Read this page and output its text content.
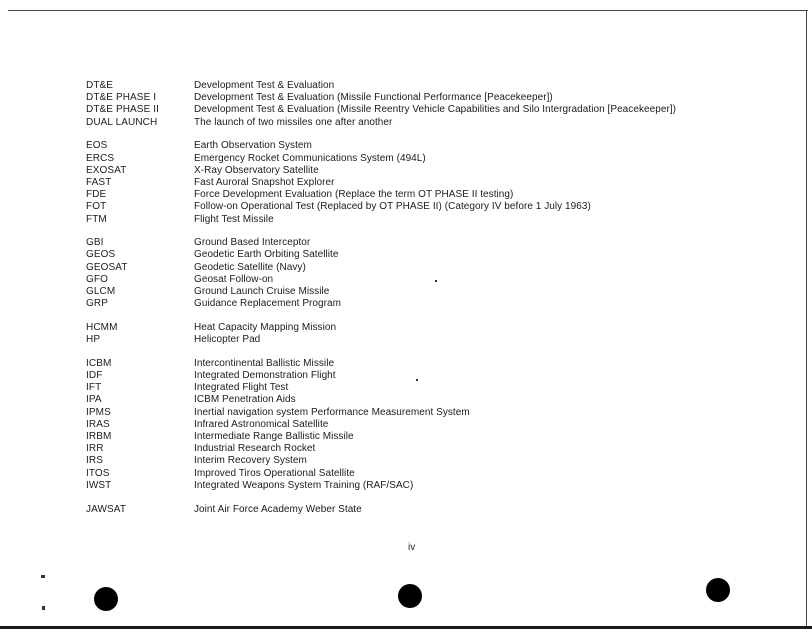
DT&E	Development Test & Evaluation
DT&E PHASE I	Development Test & Evaluation (Missile Functional Performance [Peacekeeper])
DT&E PHASE II	Development Test & Evaluation (Missile Reentry Vehicle Capabilities and Silo Intergradation [Peacekeeper])
DUAL LAUNCH	The launch of two missiles one after another
EOS	Earth Observation System
ERCS	Emergency Rocket Communications System (494L)
EXOSAT	X-Ray Observatory Satellite
FAST	Fast Auroral Snapshot Explorer
FDE	Force Development Evaluation (Replace the term OT PHASE II testing)
FOT	Follow-on Operational Test (Replaced by OT PHASE II) (Category IV before 1 July 1963)
FTM	Flight Test Missile
GBI	Ground Based Interceptor
GEOS	Geodetic Earth Orbiting Satellite
GEOSAT	Geodetic Satellite (Navy)
GFO	Geosat Follow-on
GLCM	Ground Launch Cruise Missile
GRP	Guidance Replacement Program
HCMM	Heat Capacity Mapping Mission
HP	Helicopter Pad
ICBM	Intercontinental Ballistic Missile
IDF	Integrated Demonstration Flight
IFT	Integrated Flight Test
IPA	ICBM Penetration Aids
IPMS	Inertial navigation system Performance Measurement System
IRAS	Infrared Astronomical Satellite
IRBM	Intermediate Range Ballistic Missile
IRR	Industrial Research Rocket
IRS	Interim Recovery System
ITOS	Improved Tiros Operational Satellite
IWST	Integrated Weapons System Training (RAF/SAC)
JAWSAT	Joint Air Force Academy Weber State
iv
